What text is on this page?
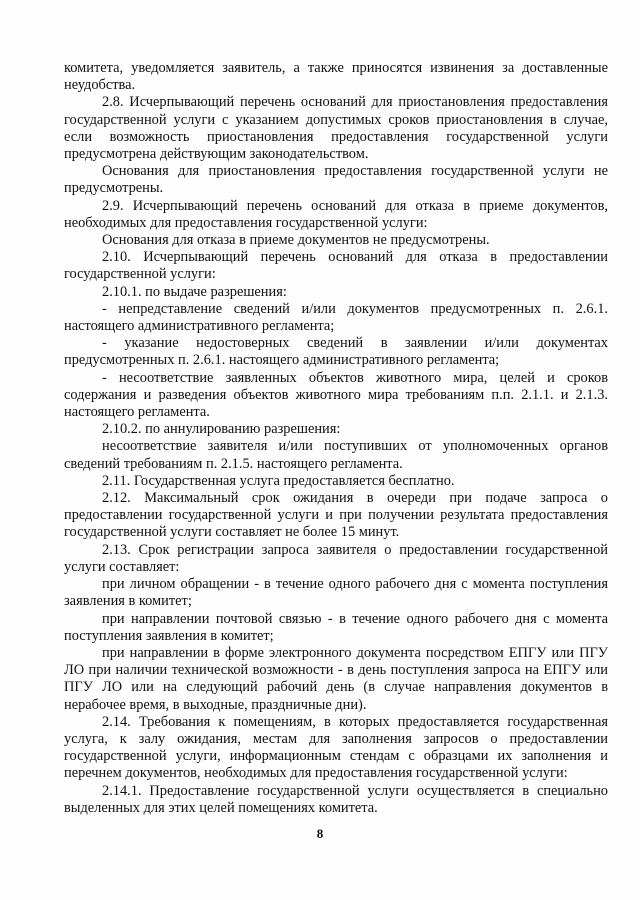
комитета, уведомляется заявитель, а также приносятся извинения за доставленные неудобства.

2.8. Исчерпывающий перечень оснований для приостановления предоставления государственной услуги с указанием допустимых сроков приостановления в случае, если возможность приостановления предоставления государственной услуги предусмотрена действующим законодательством.

Основания для приостановления предоставления государственной услуги не предусмотрены.

2.9. Исчерпывающий перечень оснований для отказа в приеме документов, необходимых для предоставления государственной услуги:

Основания для отказа в приеме документов не предусмотрены.

2.10. Исчерпывающий перечень оснований для отказа в предоставлении государственной услуги:

2.10.1. по выдаче разрешения:

- непредставление сведений и/или документов предусмотренных п. 2.6.1. настоящего административного регламента;

- указание недостоверных сведений в заявлении и/или документах предусмотренных п. 2.6.1. настоящего административного регламента;

- несоответствие заявленных объектов животного мира, целей и сроков содержания и разведения объектов животного мира требованиям п.п. 2.1.1. и 2.1.3. настоящего регламента.

2.10.2. по аннулированию разрешения:

несоответствие заявителя и/или поступивших от уполномоченных органов сведений требованиям п. 2.1.5. настоящего регламента.

2.11. Государственная услуга предоставляется бесплатно.

2.12. Максимальный срок ожидания в очереди при подаче запроса о предоставлении государственной услуги и при получении результата предоставления государственной услуги составляет не более 15 минут.

2.13. Срок регистрации запроса заявителя о предоставлении государственной услуги составляет:

при личном обращении - в течение одного рабочего дня с момента поступления заявления в комитет;

при направлении почтовой связью - в течение одного рабочего дня с момента поступления заявления в комитет;

при направлении в форме электронного документа посредством ЕПГУ или ПГУ ЛО при наличии технической возможности - в день поступления запроса на ЕПГУ или ПГУ ЛО или на следующий рабочий день (в случае направления документов в нерабочее время, в выходные, праздничные дни).

2.14. Требования к помещениям, в которых предоставляется государственная услуга, к залу ожидания, местам для заполнения запросов о предоставлении государственной услуги, информационным стендам с образцами их заполнения и перечнем документов, необходимых для предоставления государственной услуги:

2.14.1. Предоставление государственной услуги осуществляется в специально выделенных для этих целей помещениях комитета.

8
